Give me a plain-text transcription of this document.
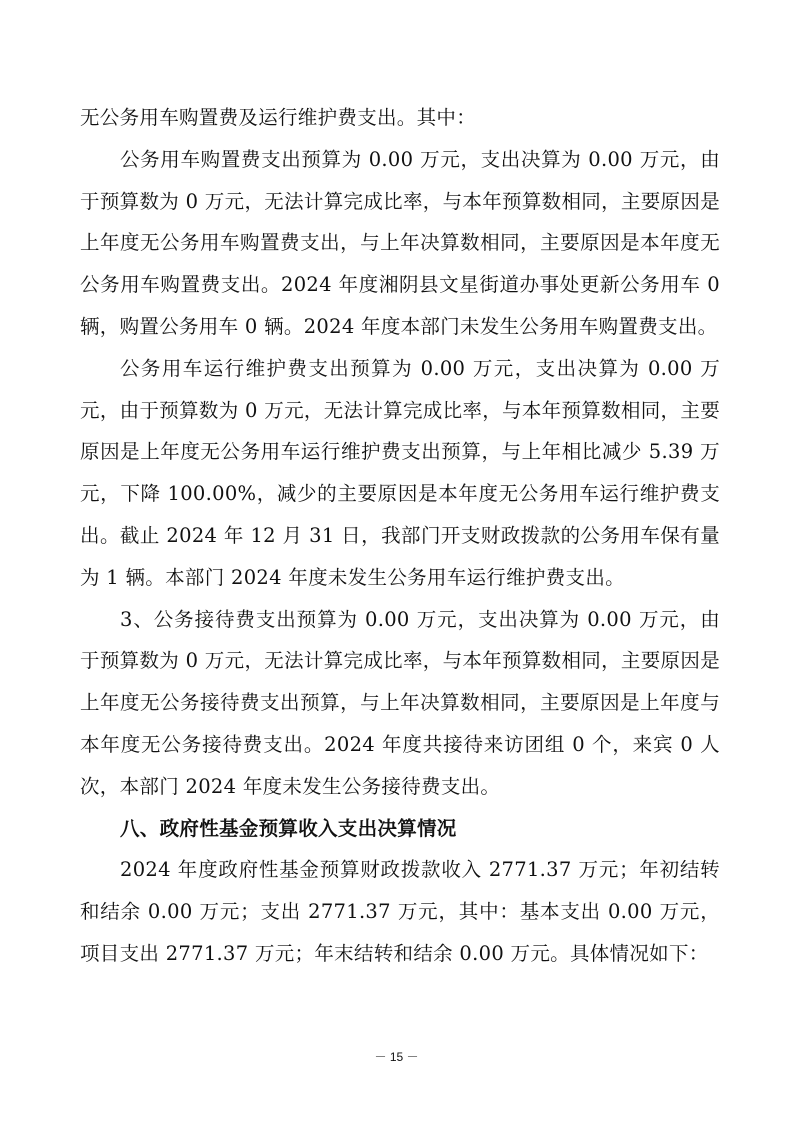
无公务用车购置费及运行维护费支出。其中：

公务用车购置费支出预算为 0.00 万元，支出决算为 0.00 万元，由于预算数为 0 万元，无法计算完成比率，与本年预算数相同，主要原因是上年度无公务用车购置费支出，与上年决算数相同，主要原因是本年度无公务用车购置费支出。2024 年度湘阴县文星街道办事处更新公务用车 0 辆，购置公务用车 0 辆。2024 年度本部门未发生公务用车购置费支出。

公务用车运行维护费支出预算为 0.00 万元，支出决算为 0.00 万元，由于预算数为 0 万元，无法计算完成比率，与本年预算数相同，主要原因是上年度无公务用车运行维护费支出预算，与上年相比减少 5.39 万元，下降 100.00%，减少的主要原因是本年度无公务用车运行维护费支出。截止 2024 年 12 月 31 日，我部门开支财政拨款的公务用车保有量为 1 辆。本部门 2024 年度未发生公务用车运行维护费支出。

3、公务接待费支出预算为 0.00 万元，支出决算为 0.00 万元，由于预算数为 0 万元，无法计算完成比率，与本年预算数相同，主要原因是上年度无公务接待费支出预算，与上年决算数相同，主要原因是上年度与本年度无公务接待费支出。2024 年度共接待来访团组 0 个，来宾 0 人次，本部门 2024 年度未发生公务接待费支出。

八、政府性基金预算收入支出决算情况

2024 年度政府性基金预算财政拨款收入 2771.37 万元；年初结转和结余 0.00 万元；支出 2771.37 万元，其中：基本支出 0.00 万元，项目支出 2771.37 万元；年末结转和结余 0.00 万元。具体情况如下：

－ 15 －
